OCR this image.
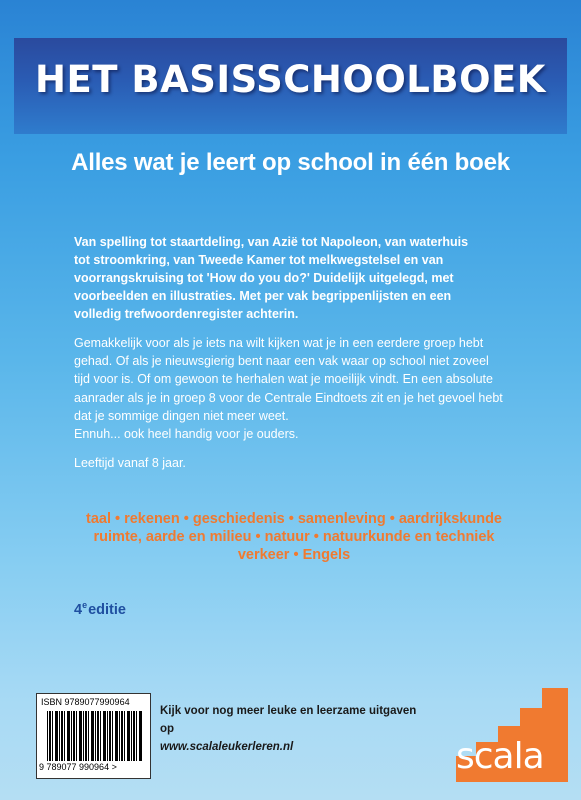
HET BASISSCHOOLBOEK
Alles wat je leert op school in één boek
Van spelling tot staartdeling, van Azië tot Napoleon, van waterhuis
tot stroomkring, van Tweede Kamer tot melkwegstelsel en van
voorrangskruising tot 'How do you do?' Duidelijk uitgelegd, met
voorbeelden en illustraties. Met per vak begrippenlijsten en een
volledig trefwoordenregister achterin.
Gemakkelijk voor als je iets na wilt kijken wat je in een eerdere groep hebt
gehad. Of als je nieuwsgierig bent naar een vak waar op school niet zoveel
tijd voor is. Of om gewoon te herhalen wat je moeilijk vindt. En een absolute
aanrader als je in groep 8 voor de Centrale Eindtoets zit en je het gevoel hebt
dat je sommige dingen niet meer weet.
Ennuh... ook heel handig voor je ouders.
Leeftijd vanaf 8 jaar.
taal • rekenen • geschiedenis • samenleving • aardrijkskunde
ruimte, aarde en milieu • natuur • natuurkunde en techniek
verkeer • Engels
4eeditie
ISBN 9789077990964
9 789077 990964 >
Kijk voor nog meer leuke en leerzame uitgaven
op
www.scalaleukerleren.nl	scala
